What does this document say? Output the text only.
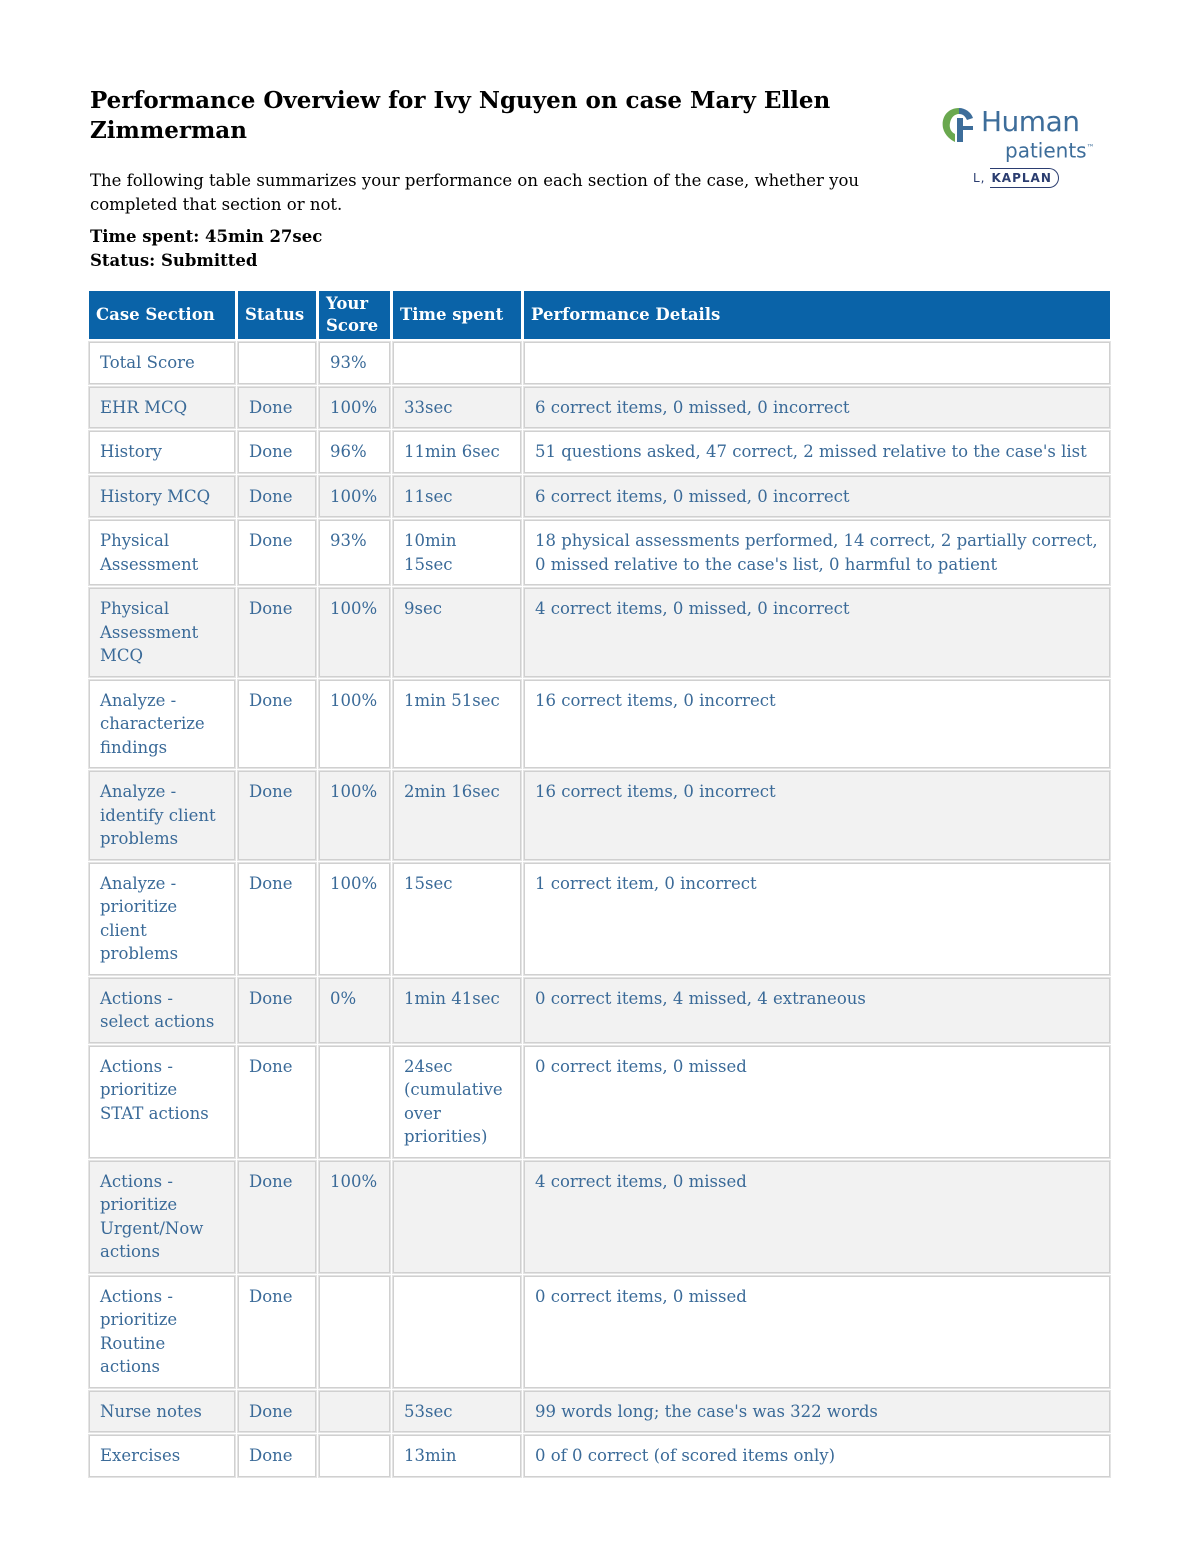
Performance Overview for Ivy Nguyen on case Mary Ellen Zimmerman	Human
patients™
L, KAPLAN

The following table summarizes your performance on each section of the case, whether you completed that section or not.

Time spent: 45min 27sec
Status: Submitted
Case Section	Status	Your Score	Time spent	Performance Details
Total Score		93%		
EHR MCQ	Done	100%	33sec	6 correct items, 0 missed, 0 incorrect
History	Done	96%	11min 6sec	51 questions asked, 47 correct, 2 missed relative to the case's list
History MCQ	Done	100%	11sec	6 correct items, 0 missed, 0 incorrect
Physical Assessment	Done	93%	10min 15sec	18 physical assessments performed, 14 correct, 2 partially correct, 0 missed relative to the case's list, 0 harmful to patient
Physical Assessment MCQ	Done	100%	9sec	4 correct items, 0 missed, 0 incorrect
Analyze - characterize findings	Done	100%	1min 51sec	16 correct items, 0 incorrect
Analyze - identify client problems	Done	100%	2min 16sec	16 correct items, 0 incorrect
Analyze - prioritize client problems	Done	100%	15sec	1 correct item, 0 incorrect
Actions - select actions	Done	0%	1min 41sec	0 correct items, 4 missed, 4 extraneous
Actions - prioritize STAT actions	Done		24sec (cumulative over priorities)	0 correct items, 0 missed
Actions - prioritize Urgent/Now actions	Done	100%		4 correct items, 0 missed
Actions - prioritize Routine actions	Done			0 correct items, 0 missed
Nurse notes	Done		53sec	99 words long; the case's was 322 words
Exercises	Done		13min	0 of 0 correct (of scored items only)
